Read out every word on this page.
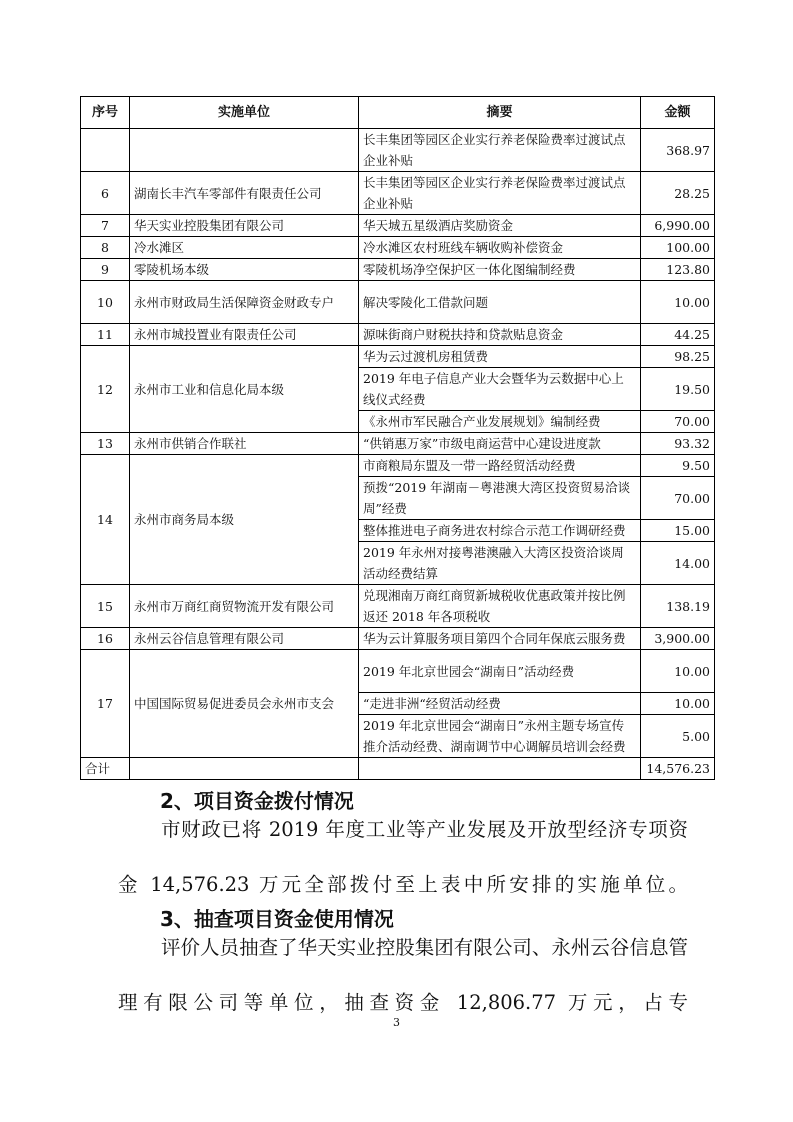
序号	实施单位	摘要	金额
		长丰集团等园区企业实行养老保险费率过渡试点企业补贴	368.97
6	湖南长丰汽车零部件有限责任公司	长丰集团等园区企业实行养老保险费率过渡试点企业补贴	28.25
7	华天实业控股集团有限公司	华天城五星级酒店奖励资金	6,990.00
8	冷水滩区	冷水滩区农村班线车辆收购补偿资金	100.00
9	零陵机场本级	零陵机场净空保护区一体化图编制经费	123.80
10	永州市财政局生活保障资金财政专户	解决零陵化工借款问题	10.00
11	永州市城投置业有限责任公司	源味街商户财税扶持和贷款贴息资金	44.25
12	永州市工业和信息化局本级	华为云过渡机房租赁费	98.25
		2019 年电子信息产业大会暨华为云数据中心上线仪式经费	19.50
		《永州市军民融合产业发展规划》编制经费	70.00
13	永州市供销合作联社	“供销惠万家”市级电商运营中心建设进度款	93.32
14	永州市商务局本级	市商粮局东盟及一带一路经贸活动经费	9.50
		预拨“2019 年湖南－粤港澳大湾区投资贸易洽谈周”经费	70.00
		整体推进电子商务进农村综合示范工作调研经费	15.00
		2019 年永州对接粤港澳融入大湾区投资洽谈周活动经费结算	14.00
15	永州市万商红商贸物流开发有限公司	兑现湘南万商红商贸新城税收优惠政策并按比例返还 2018 年各项税收	138.19
16	永州云谷信息管理有限公司	华为云计算服务项目第四个合同年保底云服务费	3,900.00
17	中国国际贸易促进委员会永州市支会	2019 年北京世园会“湖南日”活动经费	10.00
		“走进非洲“经贸活动经费	10.00
		2019 年北京世园会“湖南日”永州主题专场宣传推介活动经费、湖南调节中心调解员培训会经费	5.00
合计			14,576.23
2、项目资金拨付情况

市财政已将 2019 年度工业等产业发展及开放型经济专项资金 14,576.23 万元全部拨付至上表中所安排的实施单位。

3、抽查项目资金使用情况

评价人员抽查了华天实业控股集团有限公司、永州云谷信息管理有限公司等单位，抽查资金 12,806.77 万元，占专

3
